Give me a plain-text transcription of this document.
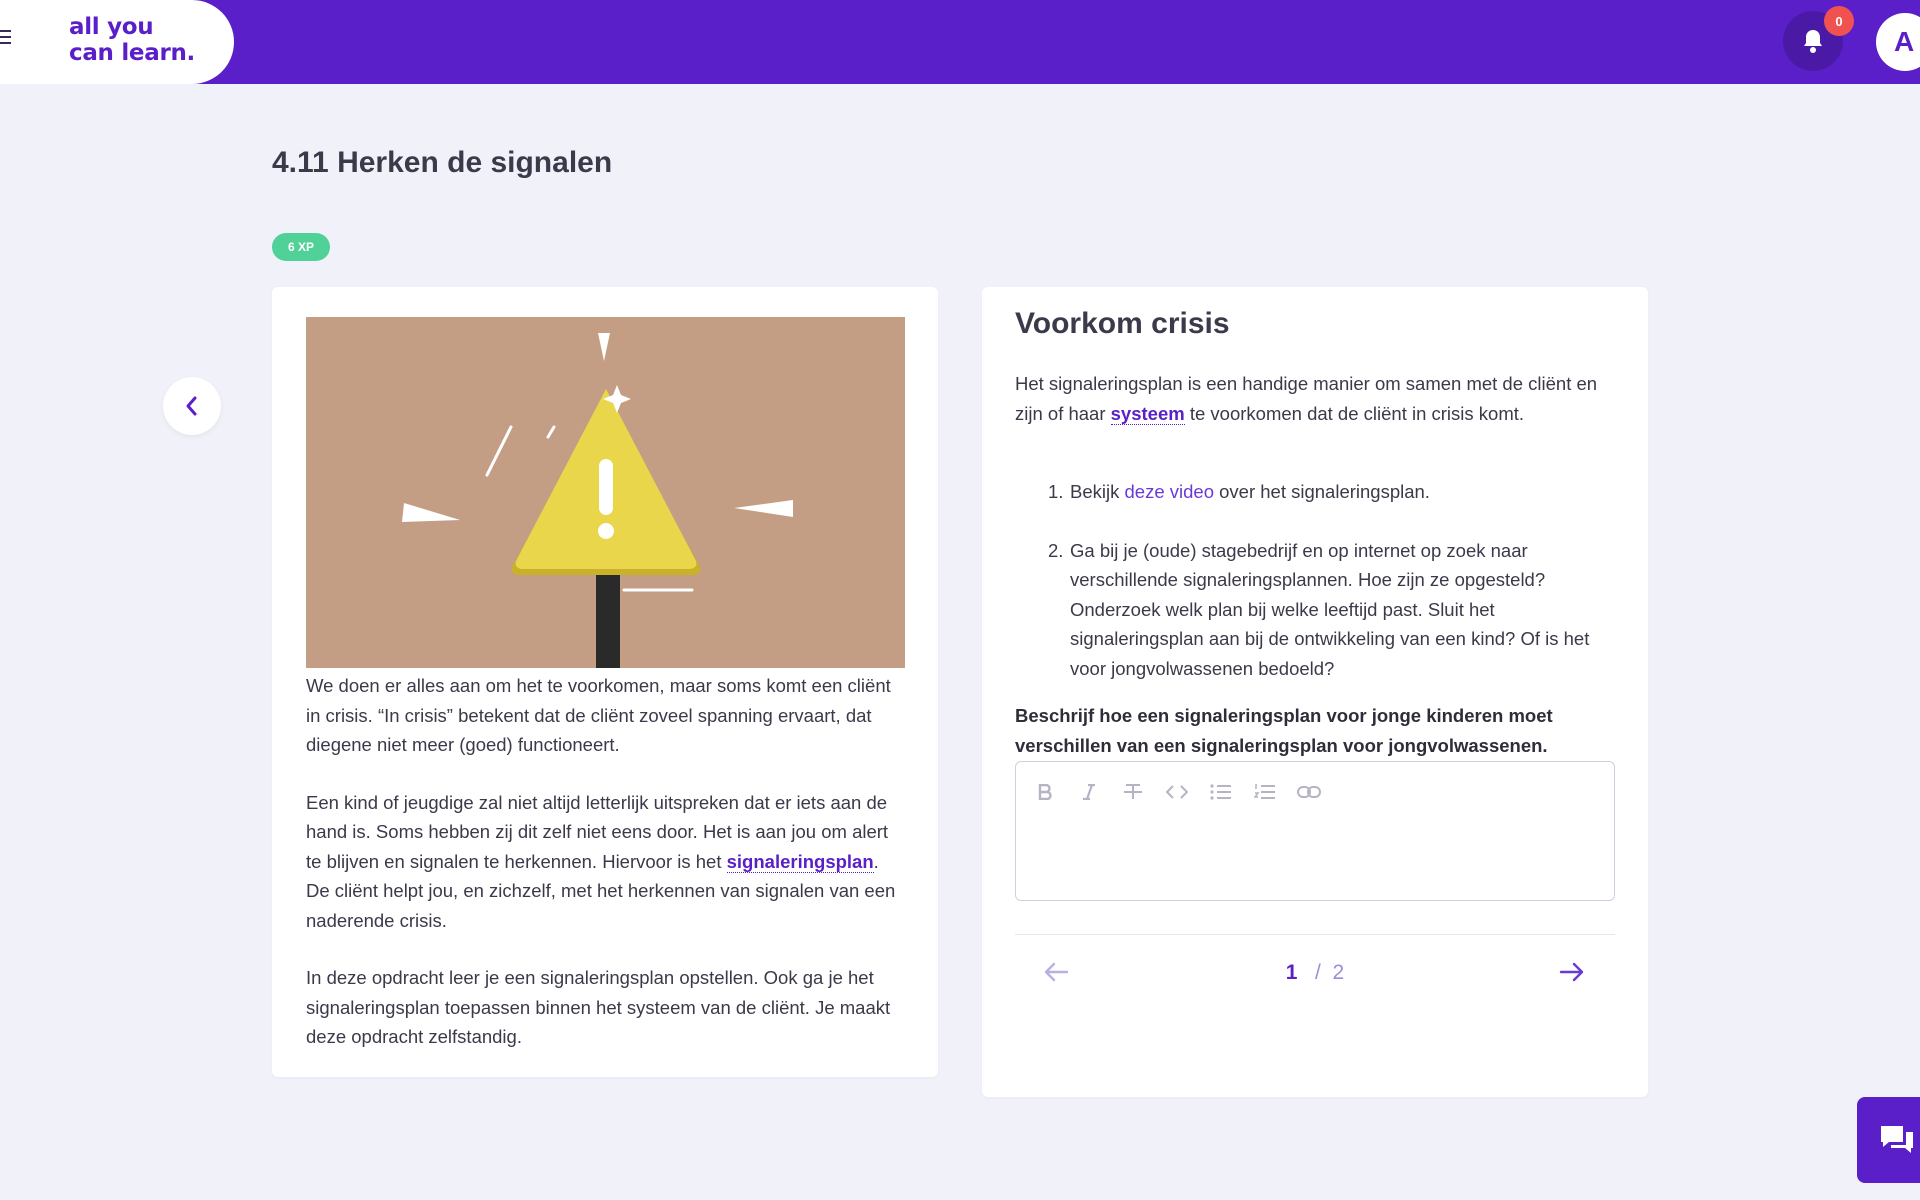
all you
can learn.
0
A
4.11 Herken de signalen
6 XP

We doen er alles aan om het te voorkomen, maar soms komt een cliënt in crisis. “In crisis” betekent dat de cliënt zoveel spanning ervaart, dat diegene niet meer (goed) functioneert.

Een kind of jeugdige zal niet altijd letterlijk uitspreken dat er iets aan de hand is. Soms hebben zij dit zelf niet eens door. Het is aan jou om alert te blijven en signalen te herkennen. Hiervoor is het signaleringsplan. De cliënt helpt jou, en zichzelf, met het herkennen van signalen van een naderende crisis.

In deze opdracht leer je een signaleringsplan opstellen. Ook ga je het signaleringsplan toepassen binnen het systeem van de cliënt. Je maakt deze opdracht zelfstandig.

Voorkom crisis

Het signaleringsplan is een handige manier om samen met de cliënt en zijn of haar systeem te voorkomen dat de cliënt in crisis komt.

1. Bekijk deze video over het signaleringsplan.
2. Ga bij je (oude) stagebedrijf en op internet op zoek naar verschillende signaleringsplannen. Hoe zijn ze opgesteld? Onderzoek welk plan bij welke leeftijd past. Sluit het signaleringsplan aan bij de ontwikkeling van een kind? Of is het voor jongvolwassenen bedoeld?

Beschrijf hoe een signaleringsplan voor jonge kinderen moet verschillen van een signaleringsplan voor jongvolwassenen.

1 / 2
